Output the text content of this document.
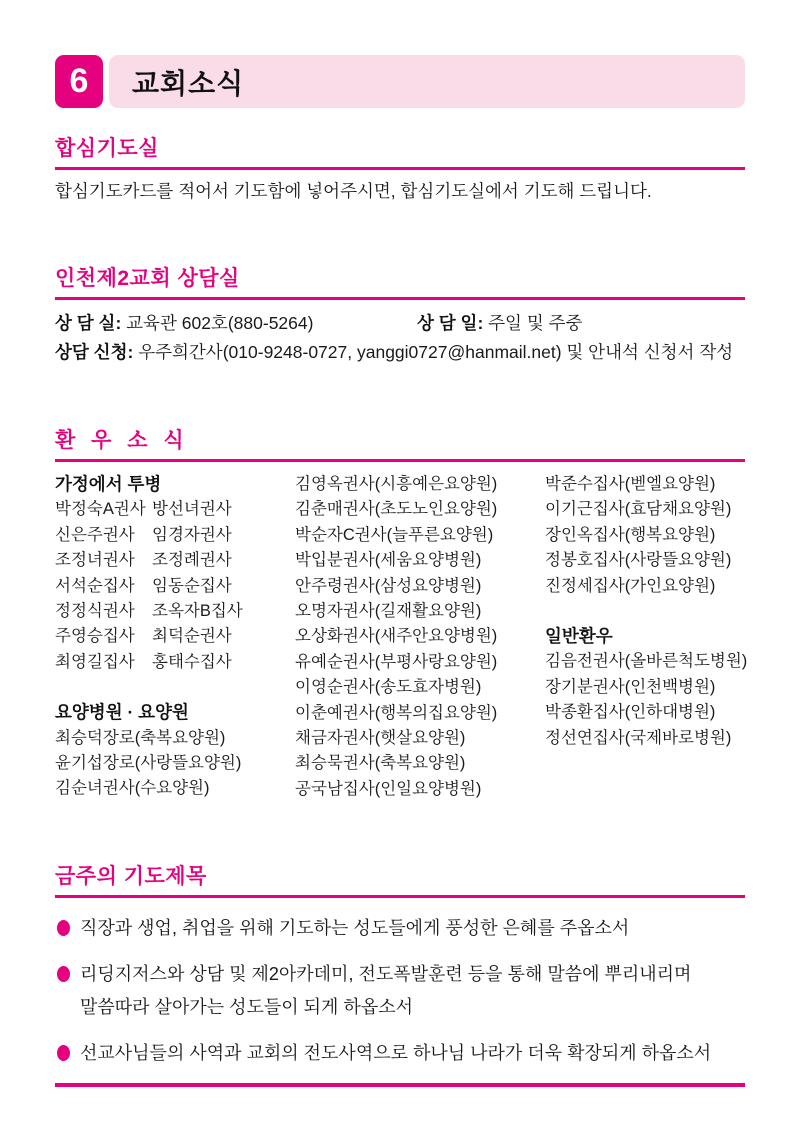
6 교회소식
합심기도실

합심기도카드를 적어서 기도함에 넣어주시면, 합심기도실에서 기도해 드립니다.

인천제2교회 상담실
상 담 실: 교육관 602호(880-5264)	상 담 일: 주일 및 주중
상담 신청: 우주희간사(010-9248-0727, yanggi0727@hanmail.net) 및 안내석 신청서 작성
환 우 소 식
가정에서 투병
박정숙A권사 방선녀권사
신은주권사	임경자권사
조정녀권사	조정례권사
서석순집사	임동순집사
정정식권사	조옥자B집사
주영승집사	최덕순권사
최영길집사	홍태수집사
요양병원 · 요양원
최승덕장로(축복요양원)
윤기섭장로(사랑뜰요양원)
김순녀권사(수요양원)
김영옥권사(시흥예은요양원)
김춘매권사(초도노인요양원)
박순자C권사(늘푸른요양원)
박입분권사(세움요양병원)
안주령권사(삼성요양병원)
오명자권사(길재활요양원)
오상화권사(새주안요양병원)
유예순권사(부평사랑요양원)
이영순권사(송도효자병원)
이춘예권사(행복의집요양원)
채금자권사(햇살요양원)
최승묵권사(축복요양원)
공국남집사(인일요양병원)
박준수집사(벧엘요양원)
이기근집사(효담채요양원)
장인옥집사(행복요양원)
정봉호집사(사랑뜰요양원)
진정세집사(가인요양원)
일반환우
김음전권사(올바른척도병원)
장기분권사(인천백병원)
박종환집사(인하대병원)
정선연집사(국제바로병원)
금주의 기도제목
직장과 생업, 취업을 위해 기도하는 성도들에게 풍성한 은혜를 주옵소서
리딩지저스와 상담 및 제2아카데미, 전도폭발훈련 등을 통해 말씀에 뿌리내리며
말씀따라 살아가는 성도들이 되게 하옵소서
선교사님들의 사역과 교회의 전도사역으로 하나님 나라가 더욱 확장되게 하옵소서
